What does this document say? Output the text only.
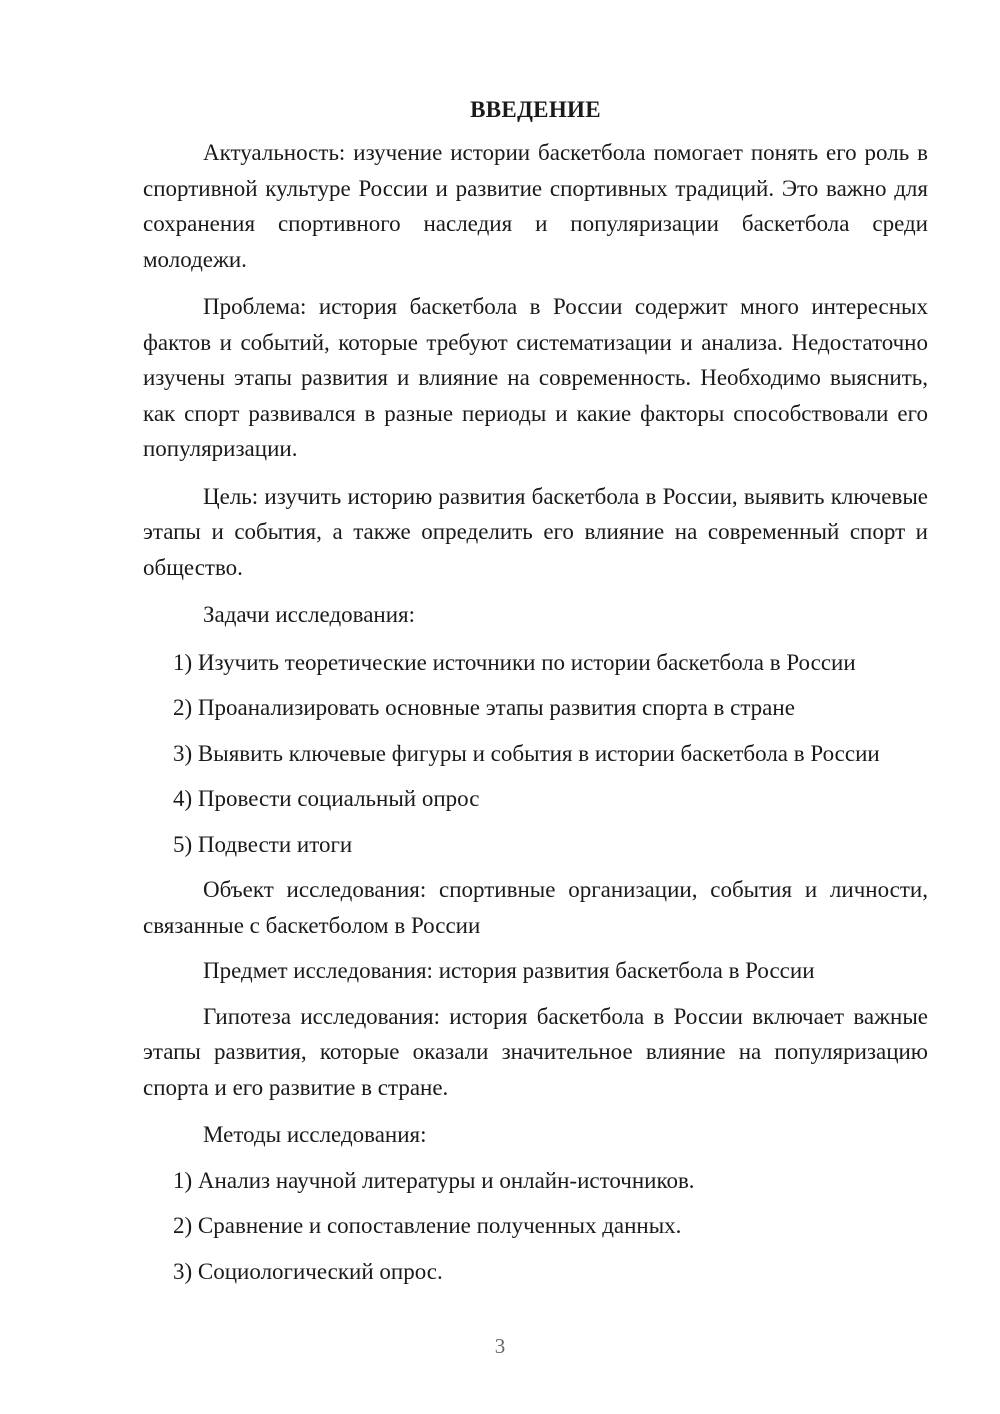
ВВЕДЕНИЕ

Актуальность: изучение истории баскетбола помогает понять его роль в спортивной культуре России и развитие спортивных традиций. Это важно для сохранения спортивного наследия и популяризации баскетбола среди молодежи.

Проблема: история баскетбола в России содержит много интересных фактов и событий, которые требуют систематизации и анализа. Недостаточно изучены этапы развития и влияние на современность. Необходимо выяснить, как спорт развивался в разные периоды и какие факторы способствовали его популяризации.

Цель: изучить историю развития баскетбола в России, выявить ключевые этапы и события, а также определить его влияние на современный спорт и общество.

Задачи исследования:

1) Изучить теоретические источники по истории баскетбола в России

2) Проанализировать основные этапы развития спорта в стране

3) Выявить ключевые фигуры и события в истории баскетбола в России

4) Провести социальный опрос

5) Подвести итоги

Объект исследования: спортивные организации, события и личности, связанные с баскетболом в России

Предмет исследования: история развития баскетбола в России

Гипотеза исследования: история баскетбола в России включает важные этапы развития, которые оказали значительное влияние на популяризацию спорта и его развитие в стране.

Методы исследования:

1) Анализ научной литературы и онлайн-источников.

2) Сравнение и сопоставление полученных данных.

3) Социологический опрос.

3
